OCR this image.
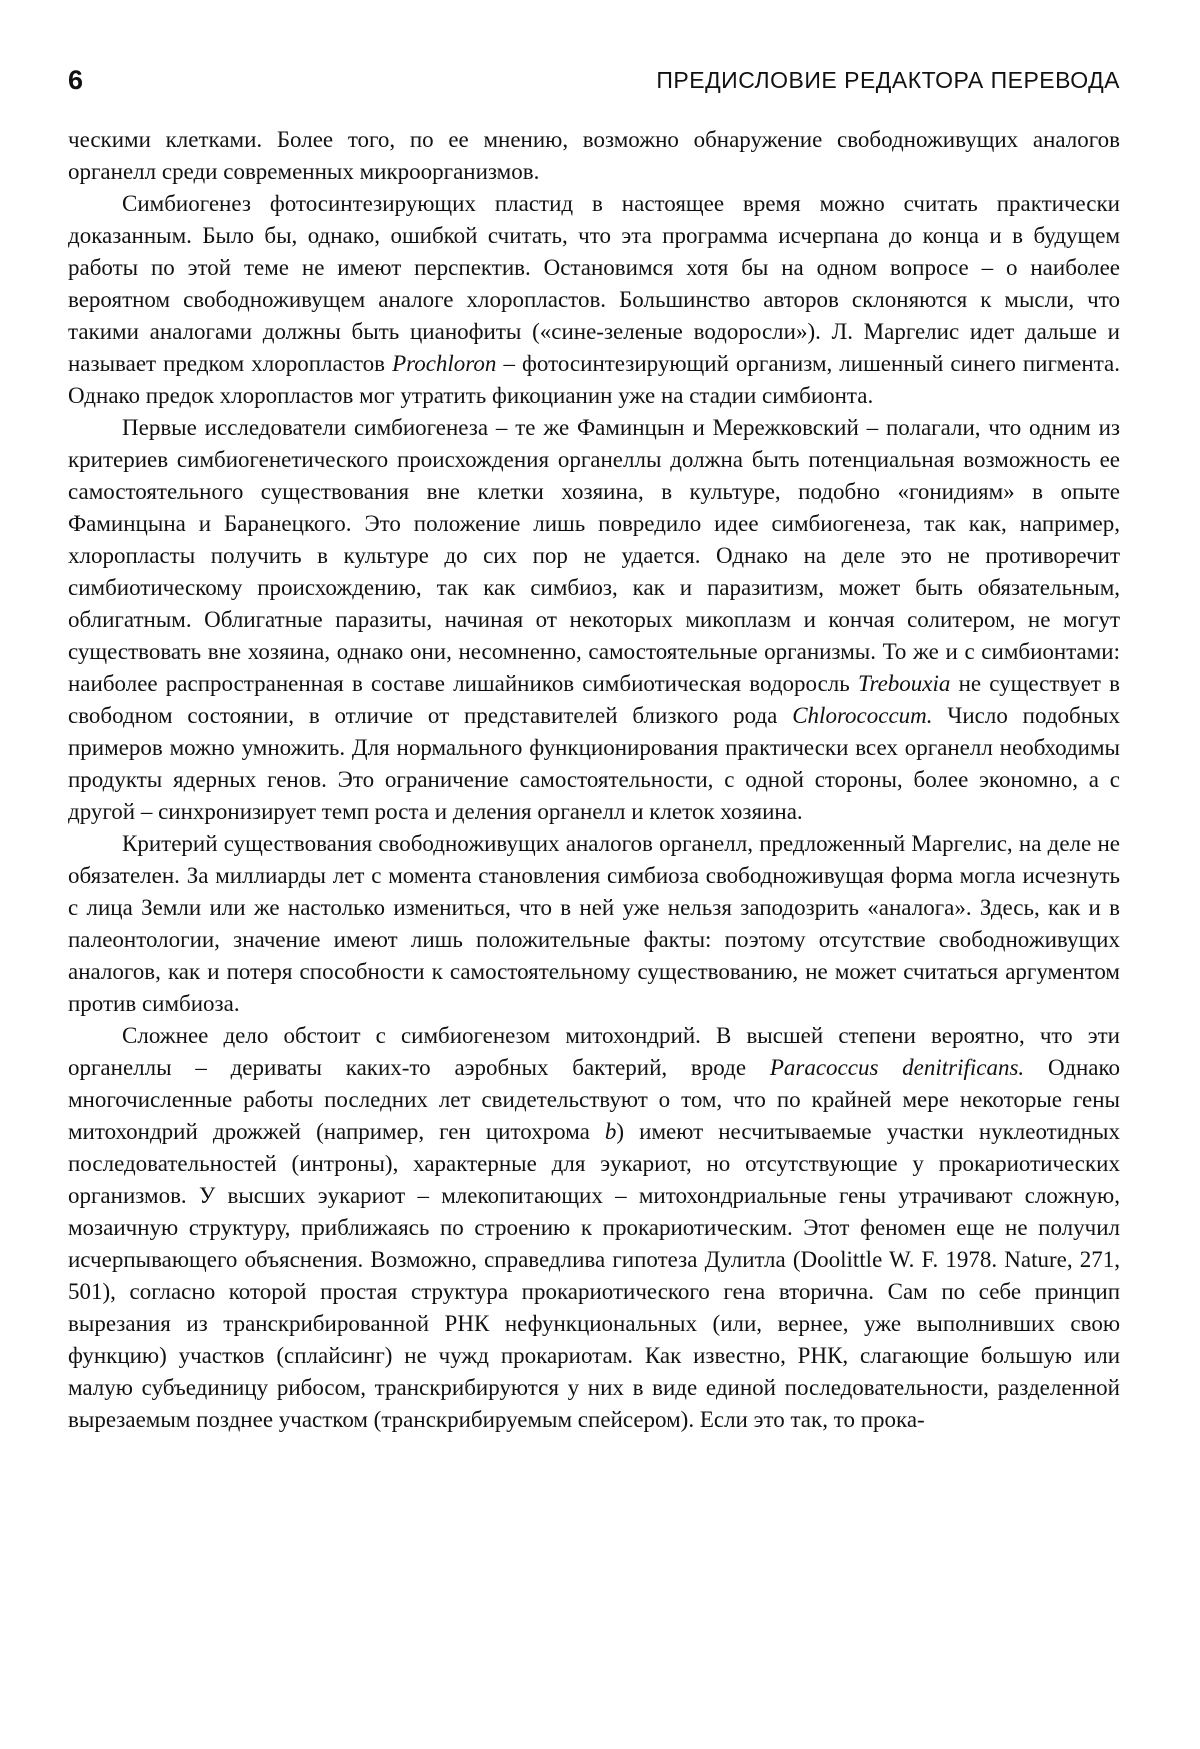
6	ПРЕДИСЛОВИЕ РЕДАКТОРА ПЕРЕВОДА

ческими клетками. Более того, по ее мнению, возможно обнаружение свободноживущих аналогов органелл среди современных микроорганизмов.

Симбиогенез фотосинтезирующих пластид в настоящее время можно считать практически доказанным. Было бы, однако, ошибкой считать, что эта программа исчерпана до конца и в будущем работы по этой теме не имеют перспектив. Остановимся хотя бы на одном вопросе – о наиболее вероятном свободноживущем аналоге хлоропластов. Большинство авторов склоняются к мысли, что такими аналогами должны быть цианофиты («сине-зеленые водоросли»). Л. Маргелис идет дальше и называет предком хлоропластов Prochloron – фотосинтезирующий организм, лишенный синего пигмента. Однако предок хлоропластов мог утратить фикоцианин уже на стадии симбионта.

Первые исследователи симбиогенеза – те же Фаминцын и Мережковский – полагали, что одним из критериев симбиогенетического происхождения органеллы должна быть потенциальная возможность ее самостоятельного существования вне клетки хозяина, в культуре, подобно «гонидиям» в опыте Фаминцына и Баранецкого. Это положение лишь повредило идее симбиогенеза, так как, например, хлоропласты получить в культуре до сих пор не удается. Однако на деле это не противоречит симбиотическому происхождению, так как симбиоз, как и паразитизм, может быть обязательным, облигатным. Облигатные паразиты, начиная от некоторых микоплазм и кончая солитером, не могут существовать вне хозяина, однако они, несомненно, самостоятельные организмы. То же и с симбионтами: наиболее распространенная в составе лишайников симбиотическая водоросль Trebouxia не существует в свободном состоянии, в отличие от представителей близкого рода Chlorococcum. Число подобных примеров можно умножить. Для нормального функционирования практически всех органелл необходимы продукты ядерных генов. Это ограничение самостоятельности, с одной стороны, более экономно, а с другой – синхронизирует темп роста и деления органелл и клеток хозяина.

Критерий существования свободноживущих аналогов органелл, предложенный Маргелис, на деле не обязателен. За миллиарды лет с момента становления симбиоза свободноживущая форма могла исчезнуть с лица Земли или же настолько измениться, что в ней уже нельзя заподозрить «аналога». Здесь, как и в палеонтологии, значение имеют лишь положительные факты: поэтому отсутствие свободноживущих аналогов, как и потеря способности к самостоятельному существованию, не может считаться аргументом против симбиоза.

Сложнее дело обстоит с симбиогенезом митохондрий. В высшей степени вероятно, что эти органеллы – дериваты каких-то аэробных бактерий, вроде Paracoccus denitrificans. Однако многочисленные работы последних лет свидетельствуют о том, что по крайней мере некоторые гены митохондрий дрожжей (например, ген цитохрома b) имеют несчитываемые участки нуклеотидных последовательностей (интроны), характерные для эукариот, но отсутствующие у прокариотических организмов. У высших эукариот – млекопитающих – митохондриальные гены утрачивают сложную, мозаичную структуру, приближаясь по строению к прокариотическим. Этот феномен еще не получил исчерпывающего объяснения. Возможно, справедлива гипотеза Дулитла (Doolittle W. F. 1978. Nature, 271, 501), согласно которой простая структура прокариотического гена вторична. Сам по себе принцип вырезания из транскрибированной РНК нефункциональных (или, вернее, уже выполнивших свою функцию) участков (сплайсинг) не чужд прокариотам. Как известно, РНК, слагающие большую или малую субъединицу рибосом, транскрибируются у них в виде единой последовательности, разделенной вырезаемым позднее участком (транскрибируемым спейсером). Если это так, то прока-
